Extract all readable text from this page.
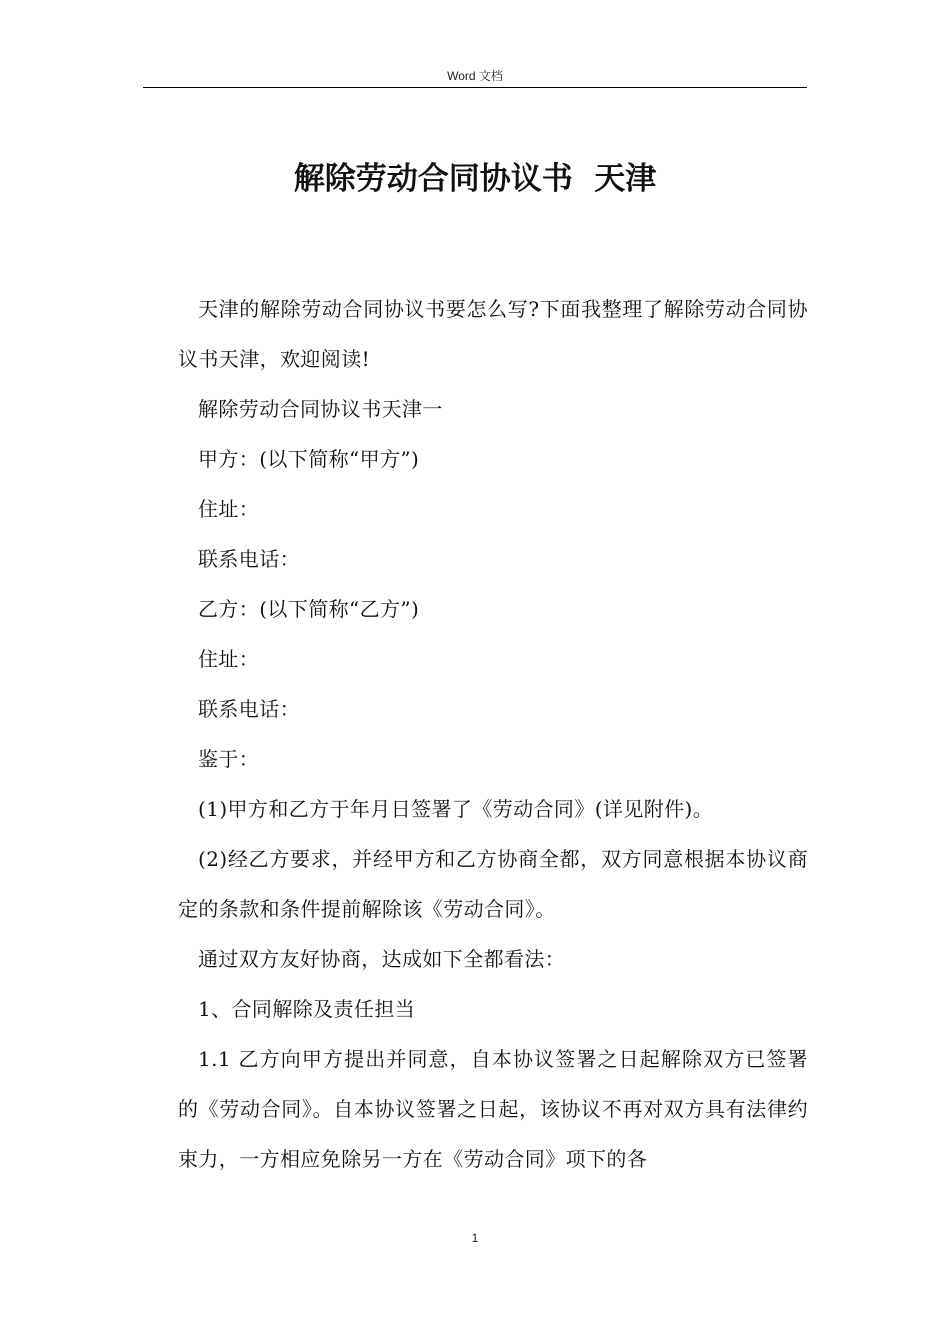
Word 文档
解除劳动合同协议书  天津

天津的解除劳动合同协议书要怎么写?下面我整理了解除劳动合同协议书天津，欢迎阅读!

解除劳动合同协议书天津一

甲方：(以下简称“甲方”)

住址：

联系电话：

乙方：(以下简称“乙方”)

住址：

联系电话：

鉴于：

(1)甲方和乙方于年月日签署了《劳动合同》(详见附件)。

(2)经乙方要求，并经甲方和乙方协商全都，双方同意根据本协议商定的条款和条件提前解除该《劳动合同》。

通过双方友好协商，达成如下全都看法：

1、合同解除及责任担当

1.1 乙方向甲方提出并同意，自本协议签署之日起解除双方已签署的《劳动合同》。自本协议签署之日起，该协议不再对双方具有法律约束力，一方相应免除另一方在《劳动合同》项下的各

1
